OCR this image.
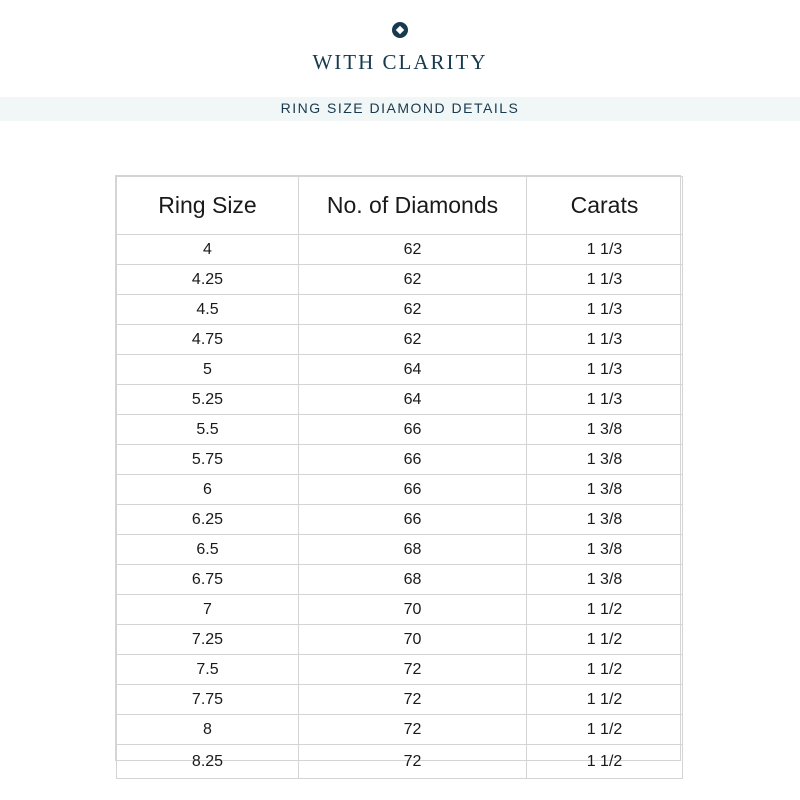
WITH CLARITY
RING SIZE DIAMOND DETAILS
Ring Size	No. of Diamonds	Carats
4	62	1 1/3
4.25	62	1 1/3
4.5	62	1 1/3
4.75	62	1 1/3
5	64	1 1/3
5.25	64	1 1/3
5.5	66	1 3/8
5.75	66	1 3/8
6	66	1 3/8
6.25	66	1 3/8
6.5	68	1 3/8
6.75	68	1 3/8
7	70	1 1/2
7.25	70	1 1/2
7.5	72	1 1/2
7.75	72	1 1/2
8	72	1 1/2
8.25	72	1 1/2
